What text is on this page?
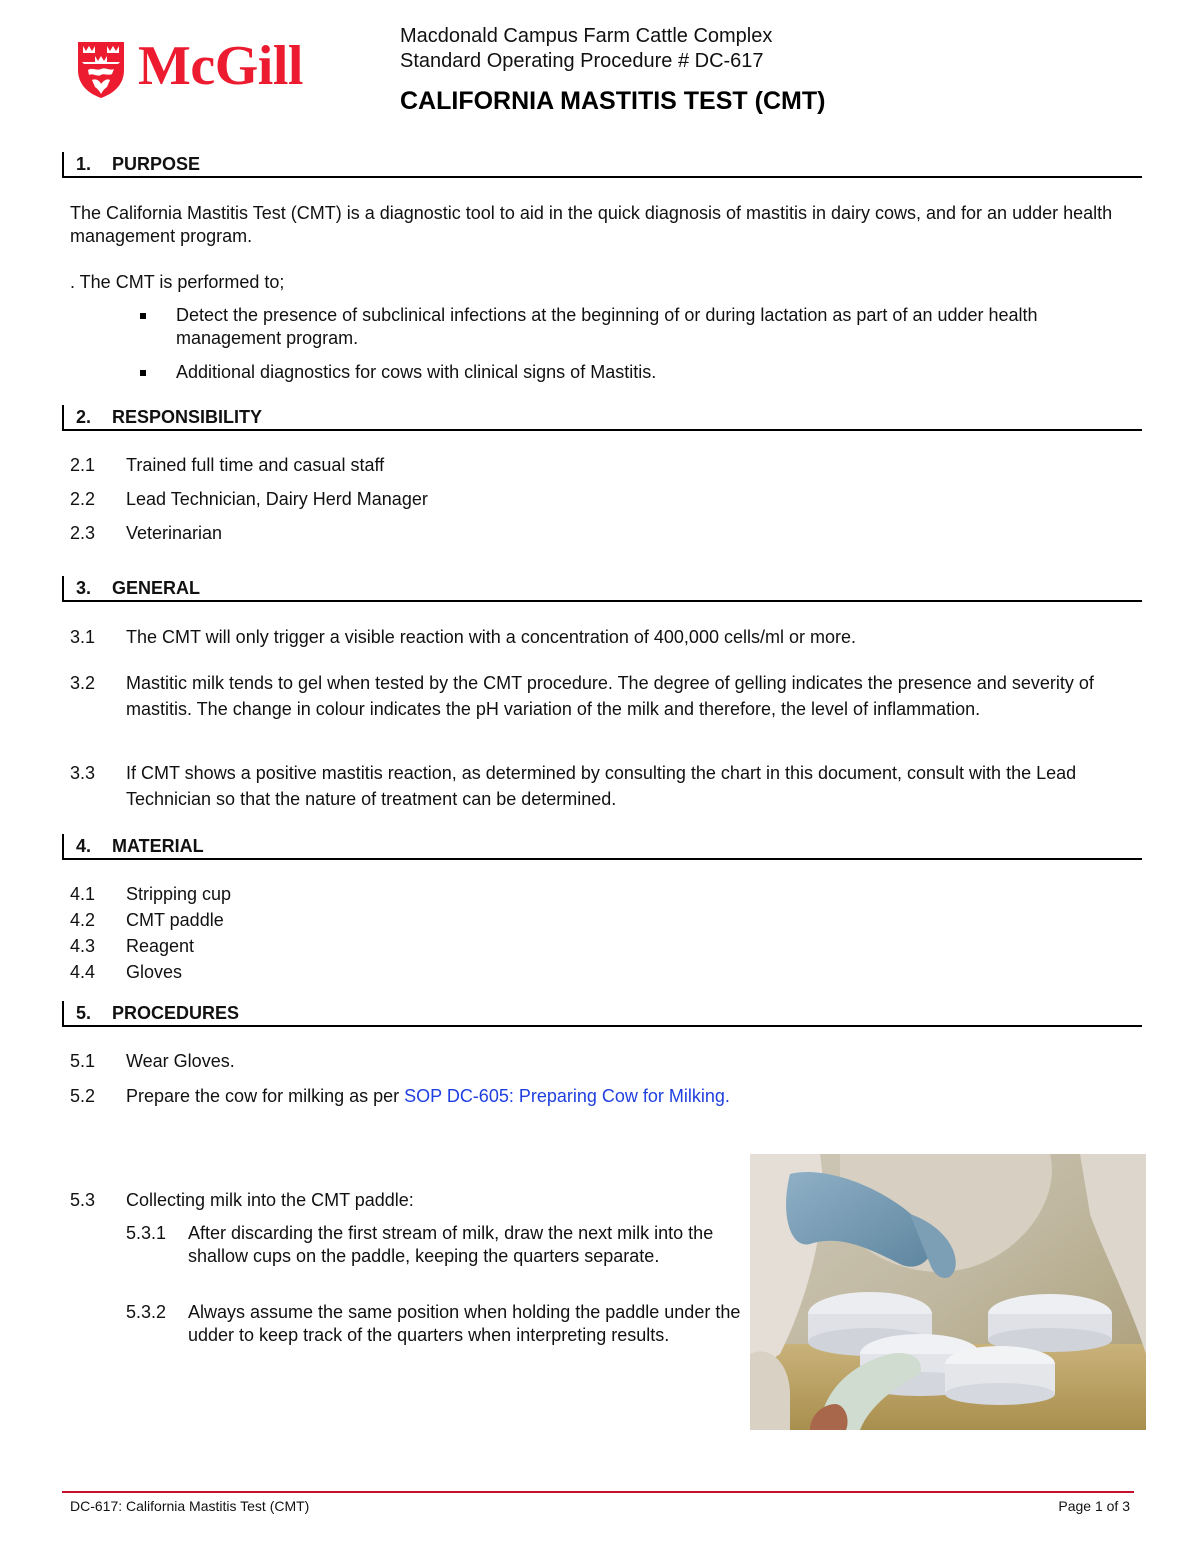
McGill	Macdonald Campus Farm Cattle Complex
Standard Operating Procedure # DC-617
CALIFORNIA MASTITIS TEST (CMT)
1. PURPOSE
The California Mastitis Test (CMT) is a diagnostic tool to aid in the quick diagnosis of mastitis in dairy cows, and for an udder health management program.
. The CMT is performed to;
Detect the presence of subclinical infections at the beginning of or during lactation as part of an udder health management program.
Additional diagnostics for cows with clinical signs of Mastitis.
2. RESPONSIBILITY
2.1 Trained full time and casual staff
2.2 Lead Technician, Dairy Herd Manager
2.3 Veterinarian
3. GENERAL
3.1 The CMT will only trigger a visible reaction with a concentration of 400,000 cells/ml or more.
3.2 Mastitic milk tends to gel when tested by the CMT procedure. The degree of gelling indicates the presence and severity of mastitis. The change in colour indicates the pH variation of the milk and therefore, the level of inflammation.
3.3 If CMT shows a positive mastitis reaction, as determined by consulting the chart in this document, consult with the Lead Technician so that the nature of treatment can be determined.
4. MATERIAL
4.1 Stripping cup
4.2 CMT paddle
4.3 Reagent
4.4 Gloves
5. PROCEDURES
5.1 Wear Gloves.
5.2 Prepare the cow for milking as per SOP DC-605: Preparing Cow for Milking.
5.3 Collecting milk into the CMT paddle:
5.3.1 After discarding the first stream of milk, draw the next milk into the shallow cups on the paddle, keeping the quarters separate.
5.3.2 Always assume the same position when holding the paddle under the udder to keep track of the quarters when interpreting results.
DC-617: California Mastitis Test (CMT)	Page 1 of 3
